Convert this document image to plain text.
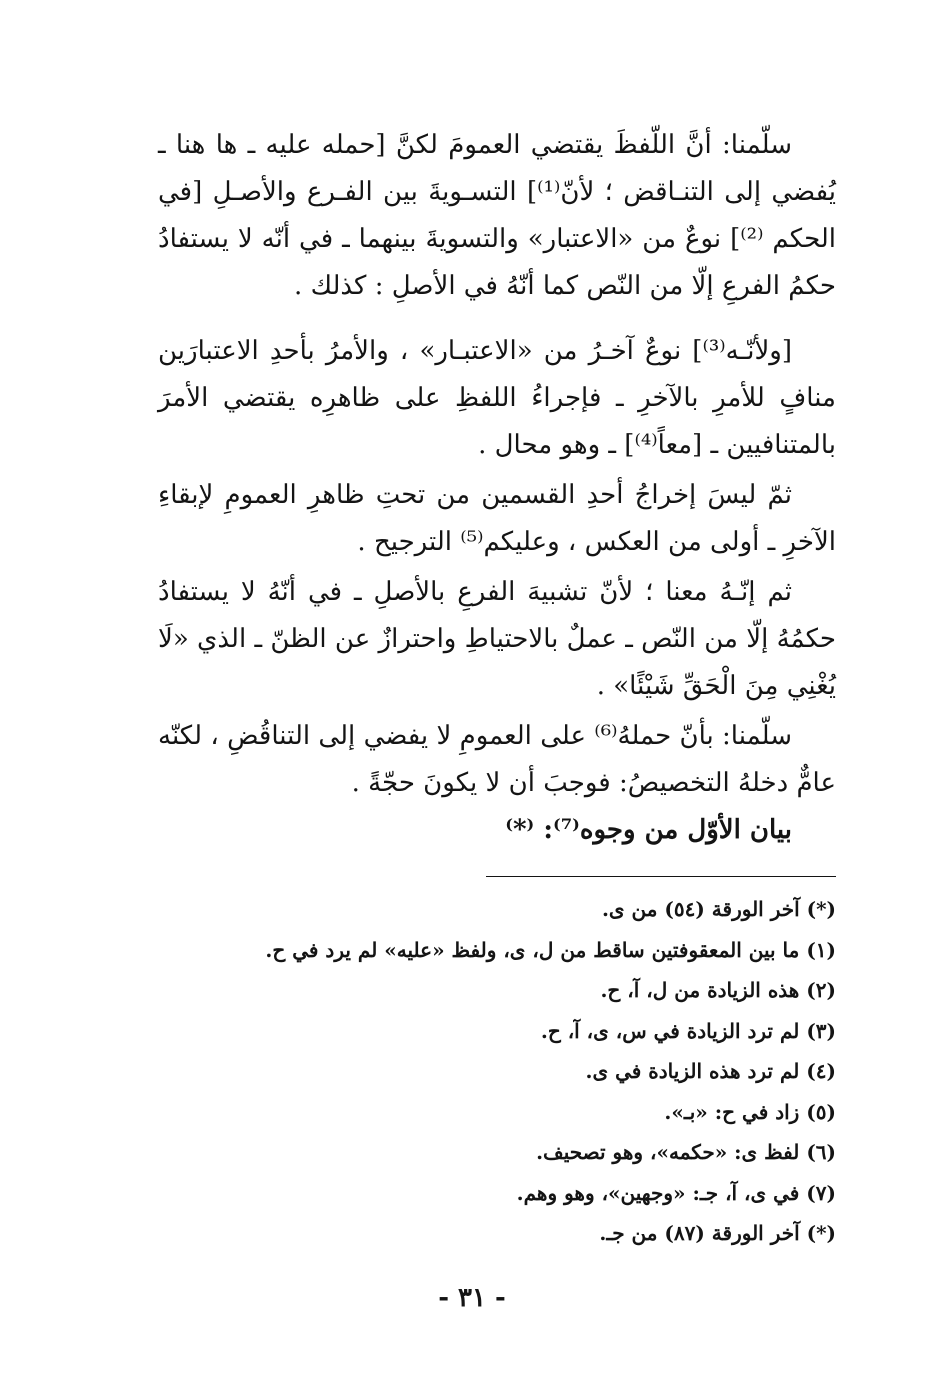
سلّمنا: أنَّ اللّفظَ يقتضي العمومَ لكنَّ [حمله عليه ـ ها هنا ـ يُفضي إلى التنـاقض ؛ لأنّ⁽¹⁾] التسـويةَ بين الفـرع والأصـلِ [في الحكم ⁽²⁾] نوعٌ من «الاعتبار» والتسويةَ بينهما ـ في أنّه لا يستفادُ حكمُ الفرعِ إلّا من النّص كما أنّهُ في الأصلِ : كذلك .

[ولأنّـه⁽³⁾] نوعٌ آخـرُ من «الاعتبـار» ، والأمرُ بأحدِ الاعتبارَين منافٍ للأمرِ بالآخرِ ـ فإجراءُ اللفظِ على ظاهرِه يقتضي الأمرَ بالمتنافيين ـ [معاً⁽⁴⁾] ـ وهو محال .

ثمّ ليسَ إخراجُ أحدِ القسمين من تحتِ ظاهرِ العمومِ لإبقاءِ الآخرِ ـ أولى من العكس ، وعليكم⁽⁵⁾ الترجيح .

ثم إنّـهُ معنا ؛ لأنّ تشبيهَ الفرعِ بالأصلِ ـ في أنّهُ لا يستفادُ حكمُهُ إلّا من النّص ـ عملٌ بالاحتياطِ واحترازٌ عن الظنّ ـ الذي «لَا يُغْنِي مِنَ الْحَقِّ شَيْئًا» .

سلّمنا: بأنّ حملهُ⁽⁶⁾ على العمومِ لا يفضي إلى التناقُضِ ، لكنّه عامٌّ دخلهُ التخصيصُ: فوجبَ أن لا يكونَ حجّةً .

بيان الأوّل من وجوه⁽⁷⁾: ⁽*⁾

(*) آخر الورقة (٥٤) من ى.

(١) ما بين المعقوفتين ساقط من ل، ى، ولفظ «عليه» لم يرد في ح.

(٢) هذه الزيادة من ل، آ، ح.

(٣) لم ترد الزيادة في س، ى، آ، ح.

(٤) لم ترد هذه الزيادة في ى.

(٥) زاد في ح: «بـ».

(٦) لفظ ى: «حكمه»، وهو تصحيف.

(٧) في ى، آ، جـ: «وجهين»، وهو وهم.

(*) آخر الورقة (٨٧) من جـ.

- ٣١ -
